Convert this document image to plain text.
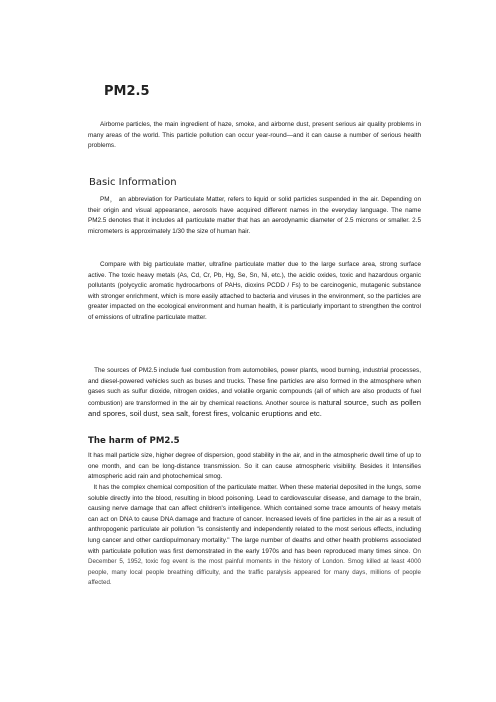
PM2.5

Airborne particles, the main ingredient of haze, smoke, and airborne dust, present serious air quality problems in many areas of the world. This particle pollution can occur year-round—and it can cause a number of serious health problems.

Basic Information

PM， an abbreviation for Particulate Matter, refers to liquid or solid particles suspended in the air. Depending on their origin and visual appearance, aerosols have acquired different names in the everyday language. The name PM2.5 denotes that it includes all particulate matter that has an aerodynamic diameter of 2.5 microns or smaller. 2.5 micrometers is approximately 1/30 the size of human hair.

Compare with big particulate matter, ultrafine particulate matter due to the large surface area, strong surface active. The toxic heavy metals (As, Cd, Cr, Pb, Hg, Se, Sn, Ni, etc.), the acidic oxides, toxic and hazardous organic pollutants (polycyclic aromatic hydrocarbons of PAHs, dioxins PCDD / Fs) to be carcinogenic, mutagenic substance with stronger enrichment, which is more easily attached to bacteria and viruses in the environment, so the particles are greater impacted on the ecological environment and human health, it is particularly important to strengthen the control of emissions of ultrafine particulate matter.

The sources of PM2.5 include fuel combustion from automobiles, power plants, wood burning, industrial processes, and diesel-powered vehicles such as buses and trucks. These fine particles are also formed in the atmosphere when gases such as sulfur dioxide, nitrogen oxides, and volatile organic compounds (all of which are also products of fuel combustion) are transformed in the air by chemical reactions. Another source is natural source, such as pollen and spores, soil dust, sea salt, forest fires, volcanic eruptions and etc.

The harm of PM2.5

It has mall particle size, higher degree of dispersion, good stability in the air, and in the atmospheric dwell time of up to one month, and can be long-distance transmission. So it can cause atmospheric visibility. Besides it Intensifies atmospheric acid rain and photochemical smog.

It has the complex chemical composition of the particulate matter. When these material deposited in the lungs, some soluble directly into the blood, resulting in blood poisoning. Lead to cardiovascular disease, and damage to the brain, causing nerve damage that can affect children's intelligence. Which contained some trace amounts of heavy metals can act on DNA to cause DNA damage and fracture of cancer. Increased levels of fine particles in the air as a result of anthropogenic particulate air pollution "is consistently and independently related to the most serious effects, including lung cancer and other cardiopulmonary mortality." The large number of deaths and other health problems associated with particulate pollution was first demonstrated in the early 1970s and has been reproduced many times since. On December 5, 1952, toxic fog event is the most painful moments in the history of London. Smog killed at least 4000 people, many local people breathing difficulty, and the traffic paralysis appeared for many days, millions of people affected.
